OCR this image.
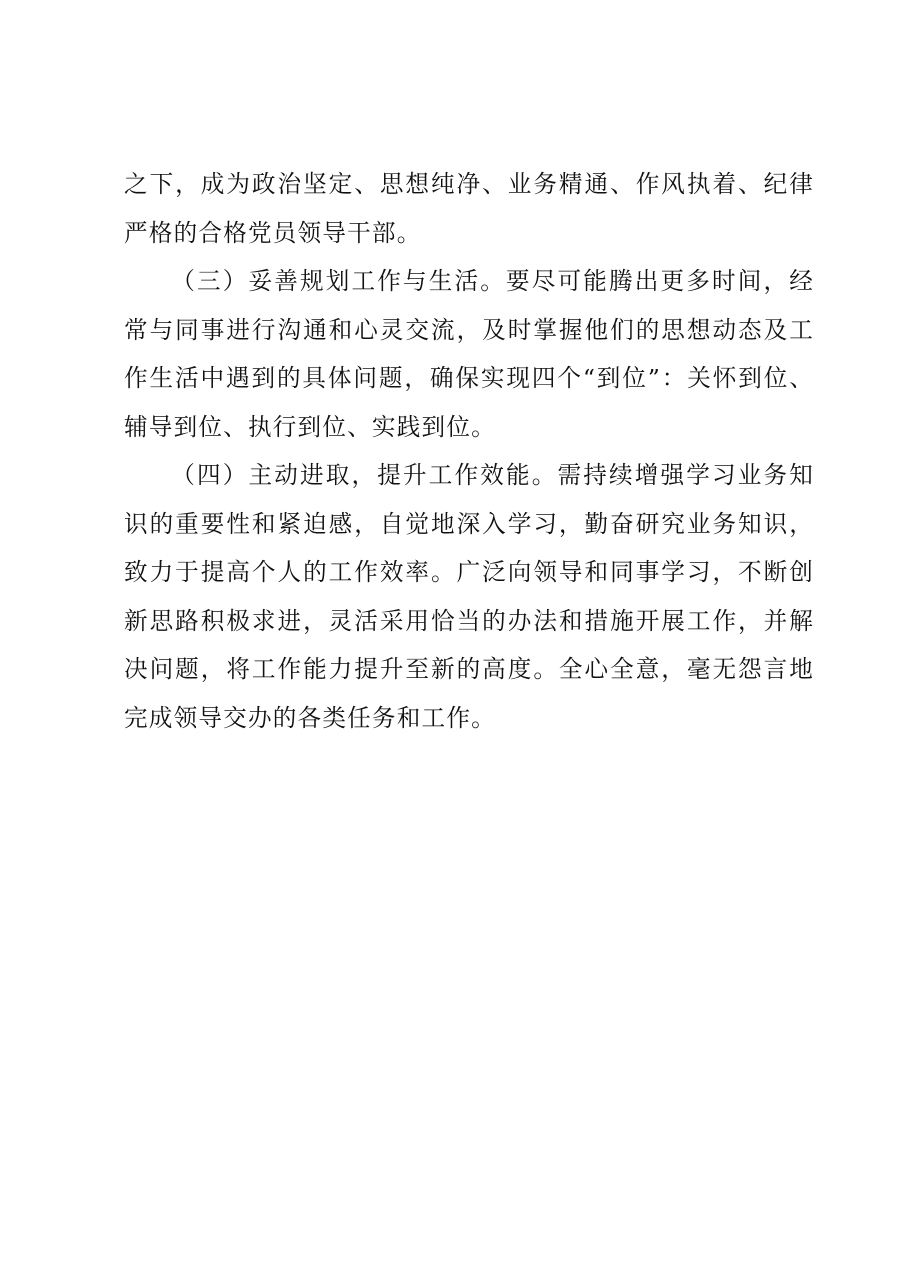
之下，成为政治坚定、思想纯净、业务精通、作风执着、纪律严格的合格党员领导干部。

（三）妥善规划工作与生活。要尽可能腾出更多时间，经常与同事进行沟通和心灵交流，及时掌握他们的思想动态及工作生活中遇到的具体问题，确保实现四个“到位”：关怀到位、辅导到位、执行到位、实践到位。

（四）主动进取，提升工作效能。需持续增强学习业务知识的重要性和紧迫感，自觉地深入学习，勤奋研究业务知识，致力于提高个人的工作效率。广泛向领导和同事学习，不断创新思路积极求进，灵活采用恰当的办法和措施开展工作，并解决问题，将工作能力提升至新的高度。全心全意，毫无怨言地完成领导交办的各类任务和工作。
